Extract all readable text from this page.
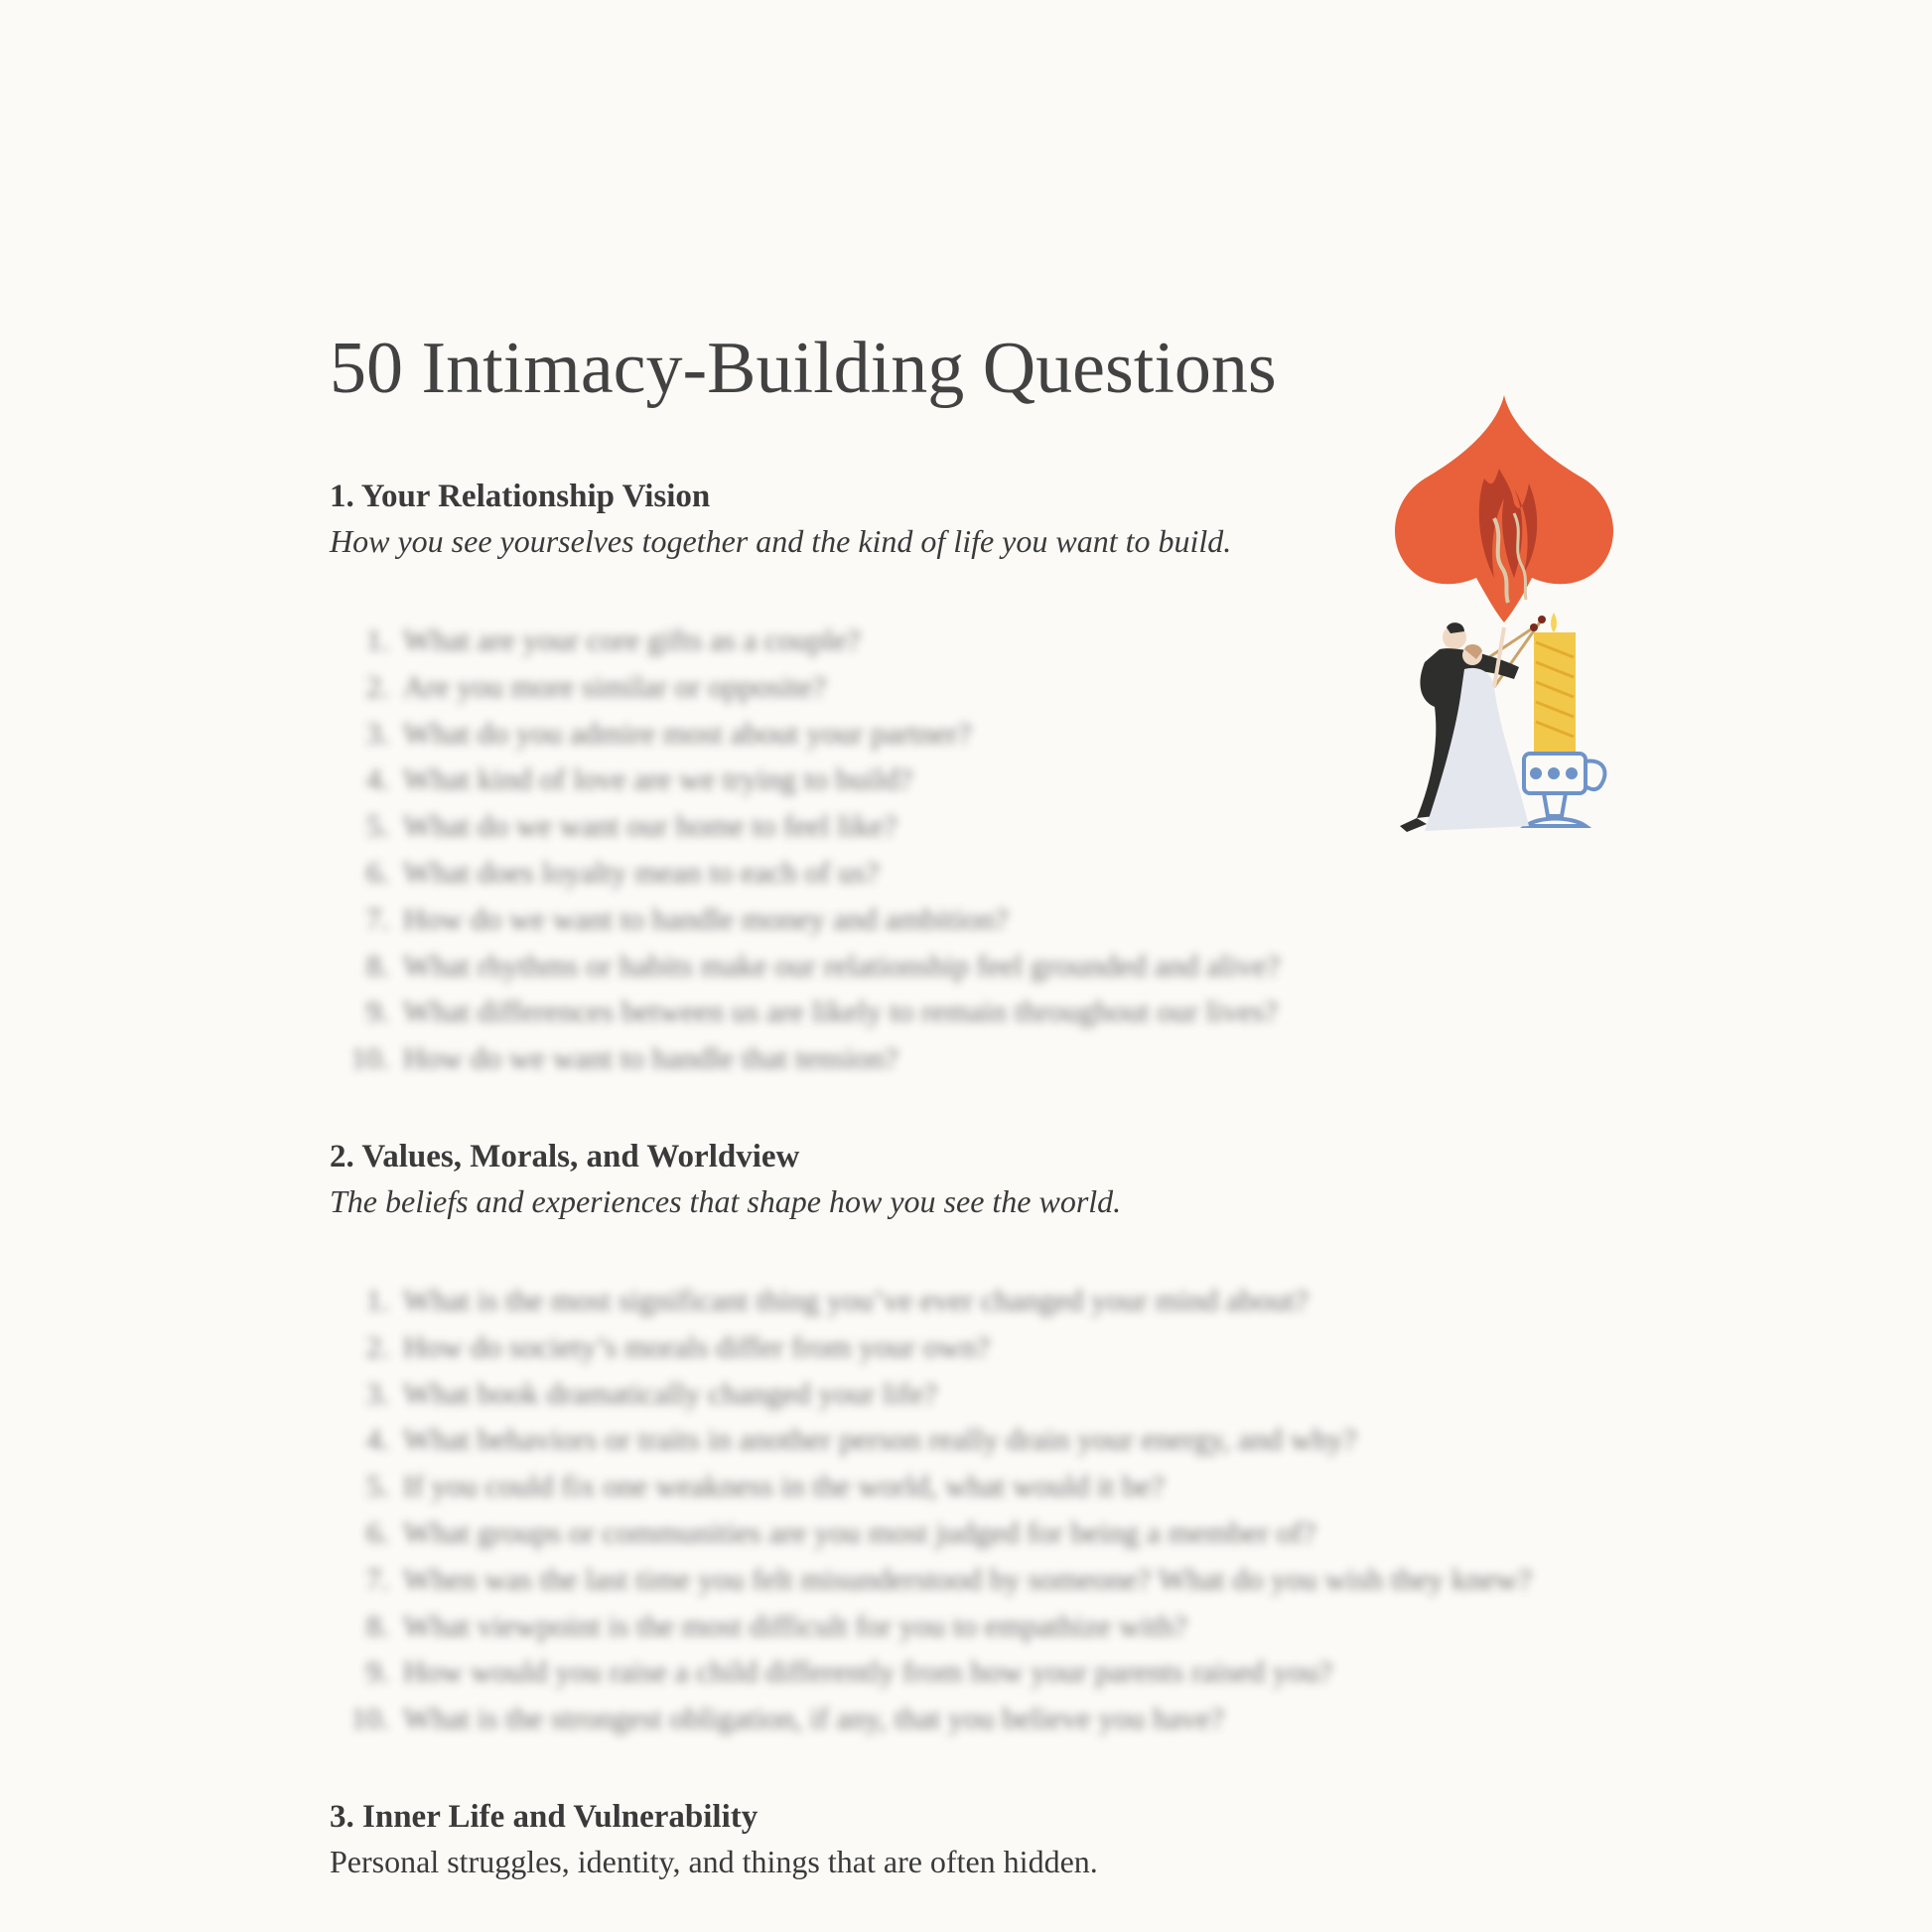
50 Intimacy-Building Questions
1. Your Relationship Vision

How you see yourselves together and the kind of life you want to build.

1. What are your core gifts as a couple?
2. Are you more similar or opposite?
3. What do you admire most about your partner?
4. What kind of love are we trying to build?
5. What do we want our home to feel like?
6. What does loyalty mean to each of us?
7. How do we want to handle money and ambition?
8. What rhythms or habits make our relationship feel grounded and alive?
9. What differences between us are likely to remain throughout our lives?
10. How do we want to handle that tension?
2. Values, Morals, and Worldview

The beliefs and experiences that shape how you see the world.

1. What is the most significant thing you’ve ever changed your mind about?
2. How do society’s morals differ from your own?
3. What book dramatically changed your life?
4. What behaviors or traits in another person really drain your energy, and why?
5. If you could fix one weakness in the world, what would it be?
6. What groups or communities are you most judged for being a member of?
7. When was the last time you felt misunderstood by someone? What do you wish they knew?
8. What viewpoint is the most difficult for you to empathize with?
9. How would you raise a child differently from how your parents raised you?
10. What is the strongest obligation, if any, that you believe you have?
3. Inner Life and Vulnerability

Personal struggles, identity, and things that are often hidden.
